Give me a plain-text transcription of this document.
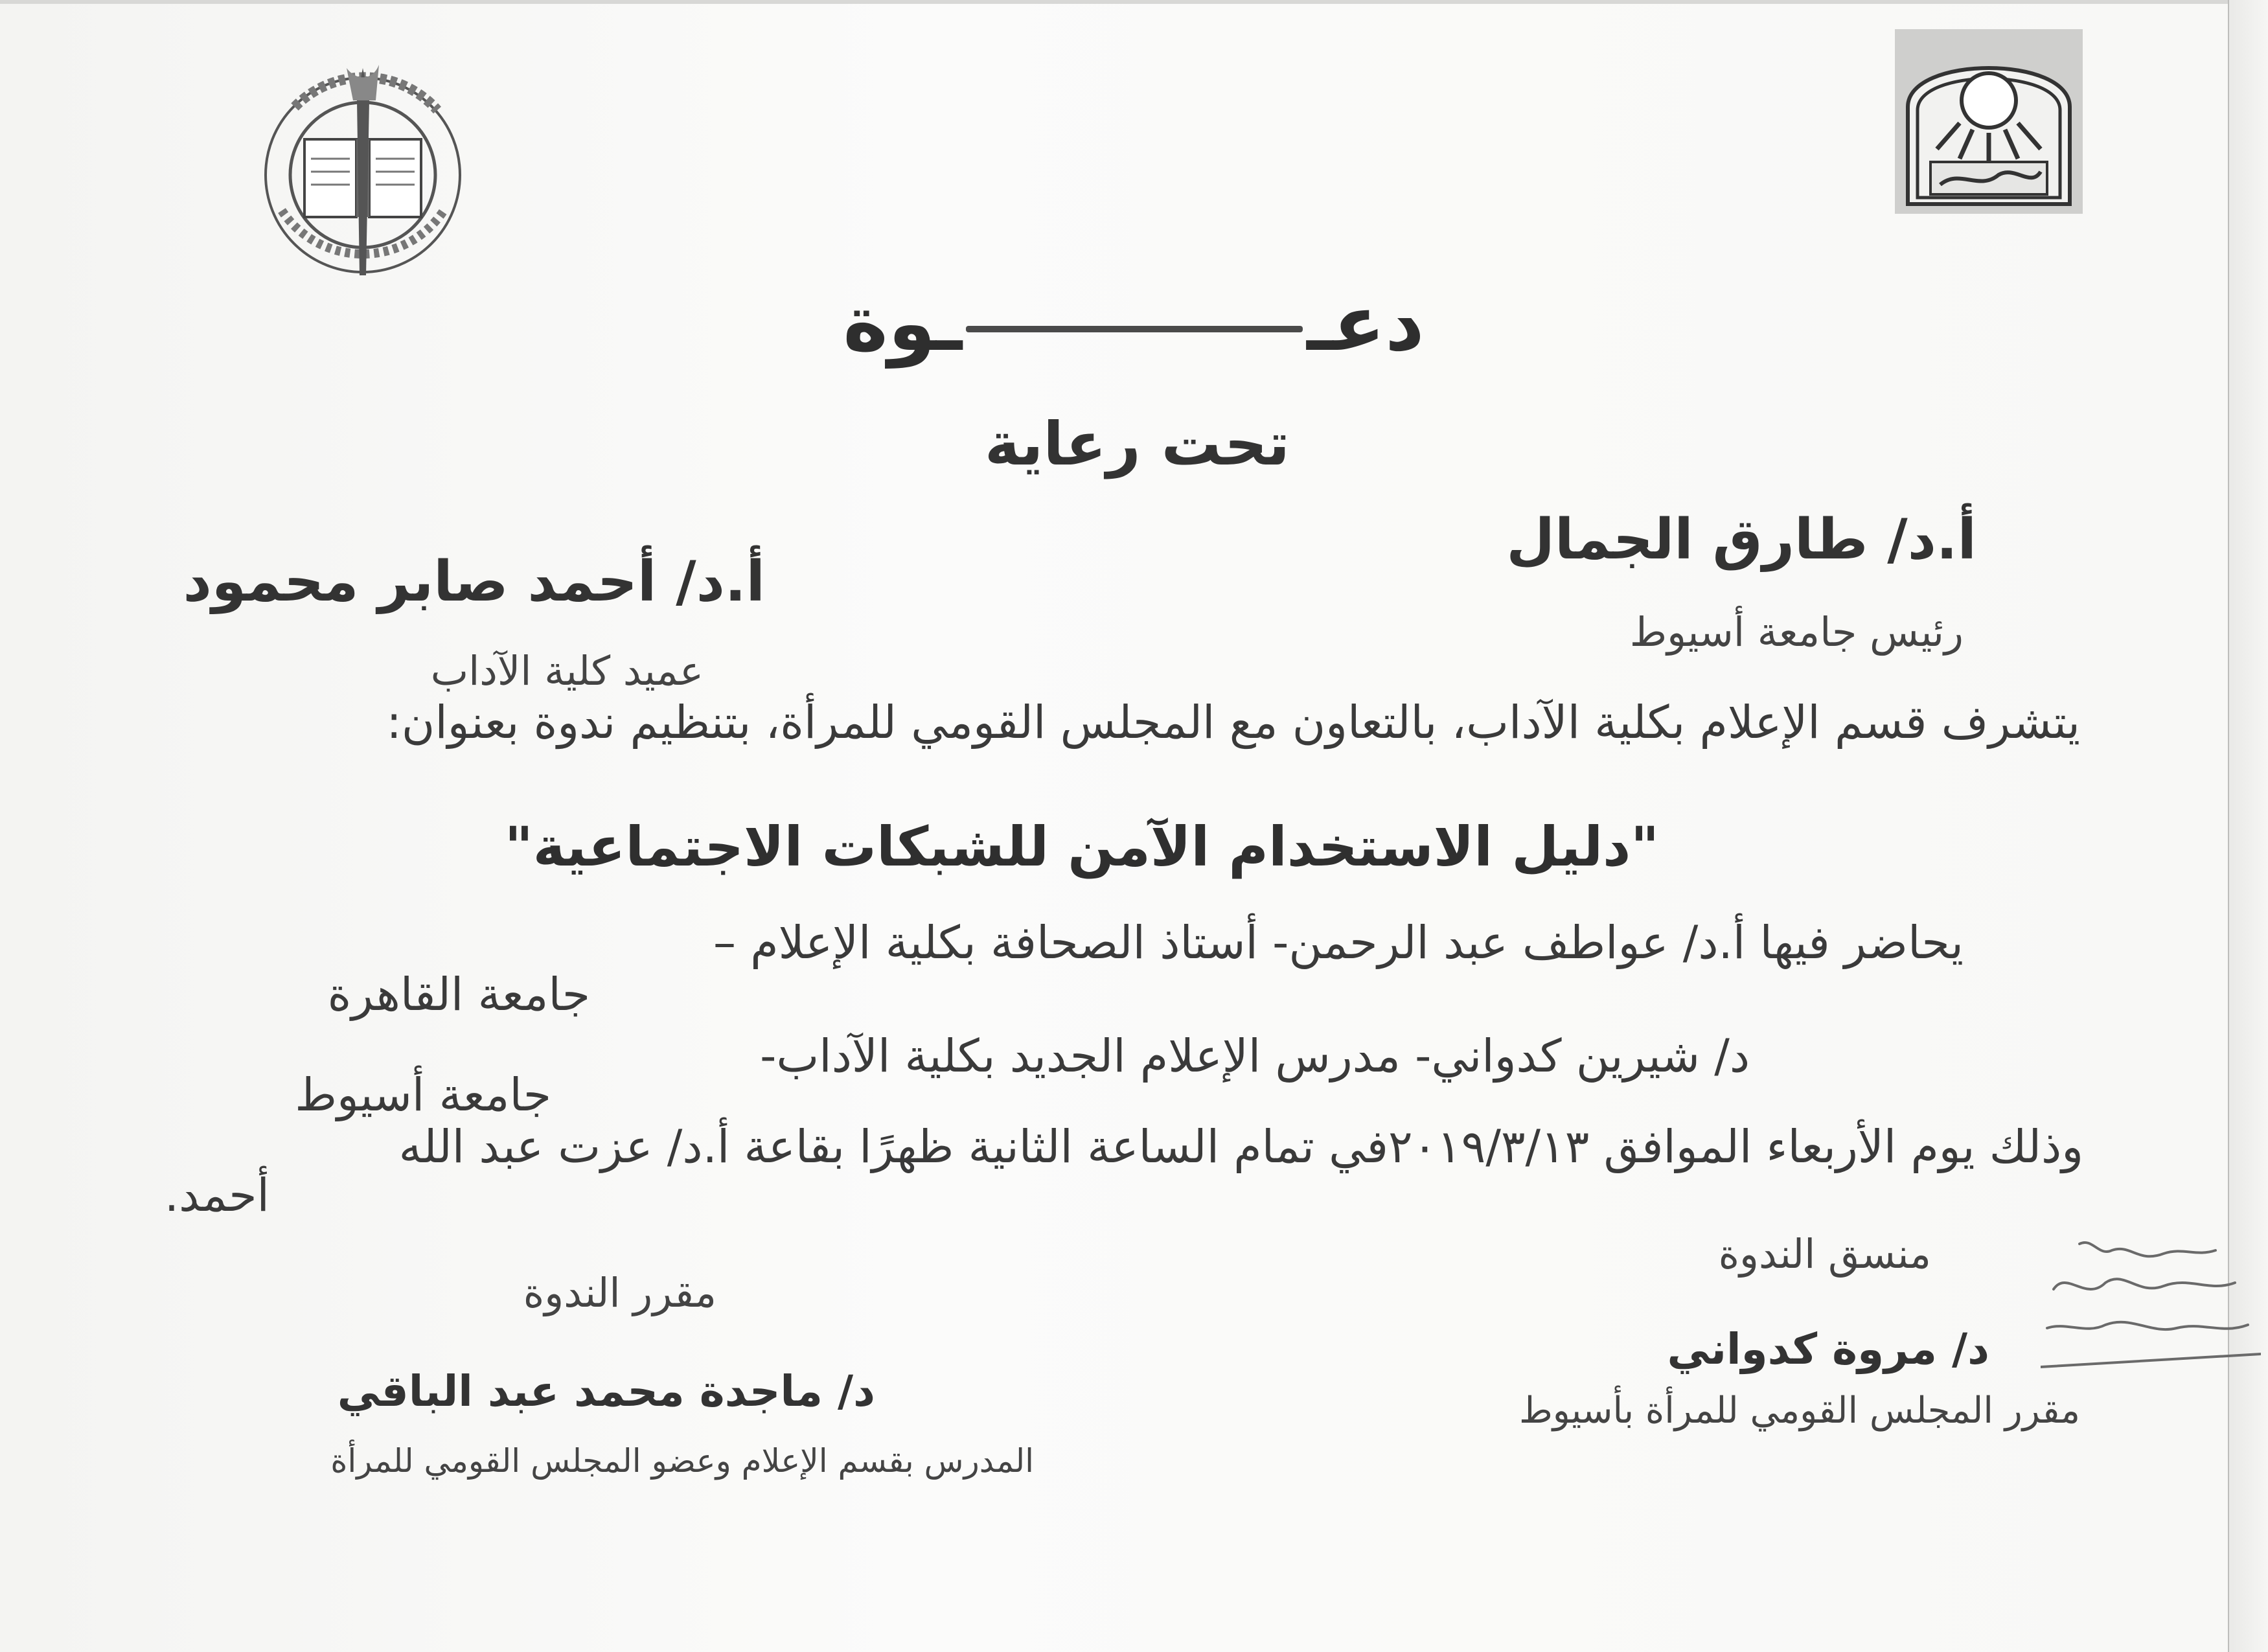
دعــوة
تحت رعاية
أ.د/ طارق الجمال
رئيس جامعة أسيوط
أ.د/ أحمد صابر محمود
عميد كلية الآداب
يتشرف قسم الإعلام بكلية الآداب، بالتعاون مع المجلس القومي للمرأة، بتنظيم ندوة بعنوان:
"دليل الاستخدام الآمن للشبكات الاجتماعية"
يحاضر فيها أ.د/ عواطف عبد الرحمن- أستاذ الصحافة بكلية الإعلام –
جامعة القاهرة
د/ شيرين كدواني- مدرس الإعلام الجديد بكلية الآداب-
جامعة أسيوط
وذلك يوم الأربعاء الموافق ٢٠١٩/٣/١٣في تمام الساعة الثانية ظهرًا بقاعة أ.د/ عزت عبد الله
أحمد.
منسق الندوة
د/ مروة كدواني
مقرر المجلس القومي للمرأة بأسيوط
مقرر الندوة
د/ ماجدة محمد عبد الباقي
المدرس بقسم الإعلام وعضو المجلس القومي للمرأة
